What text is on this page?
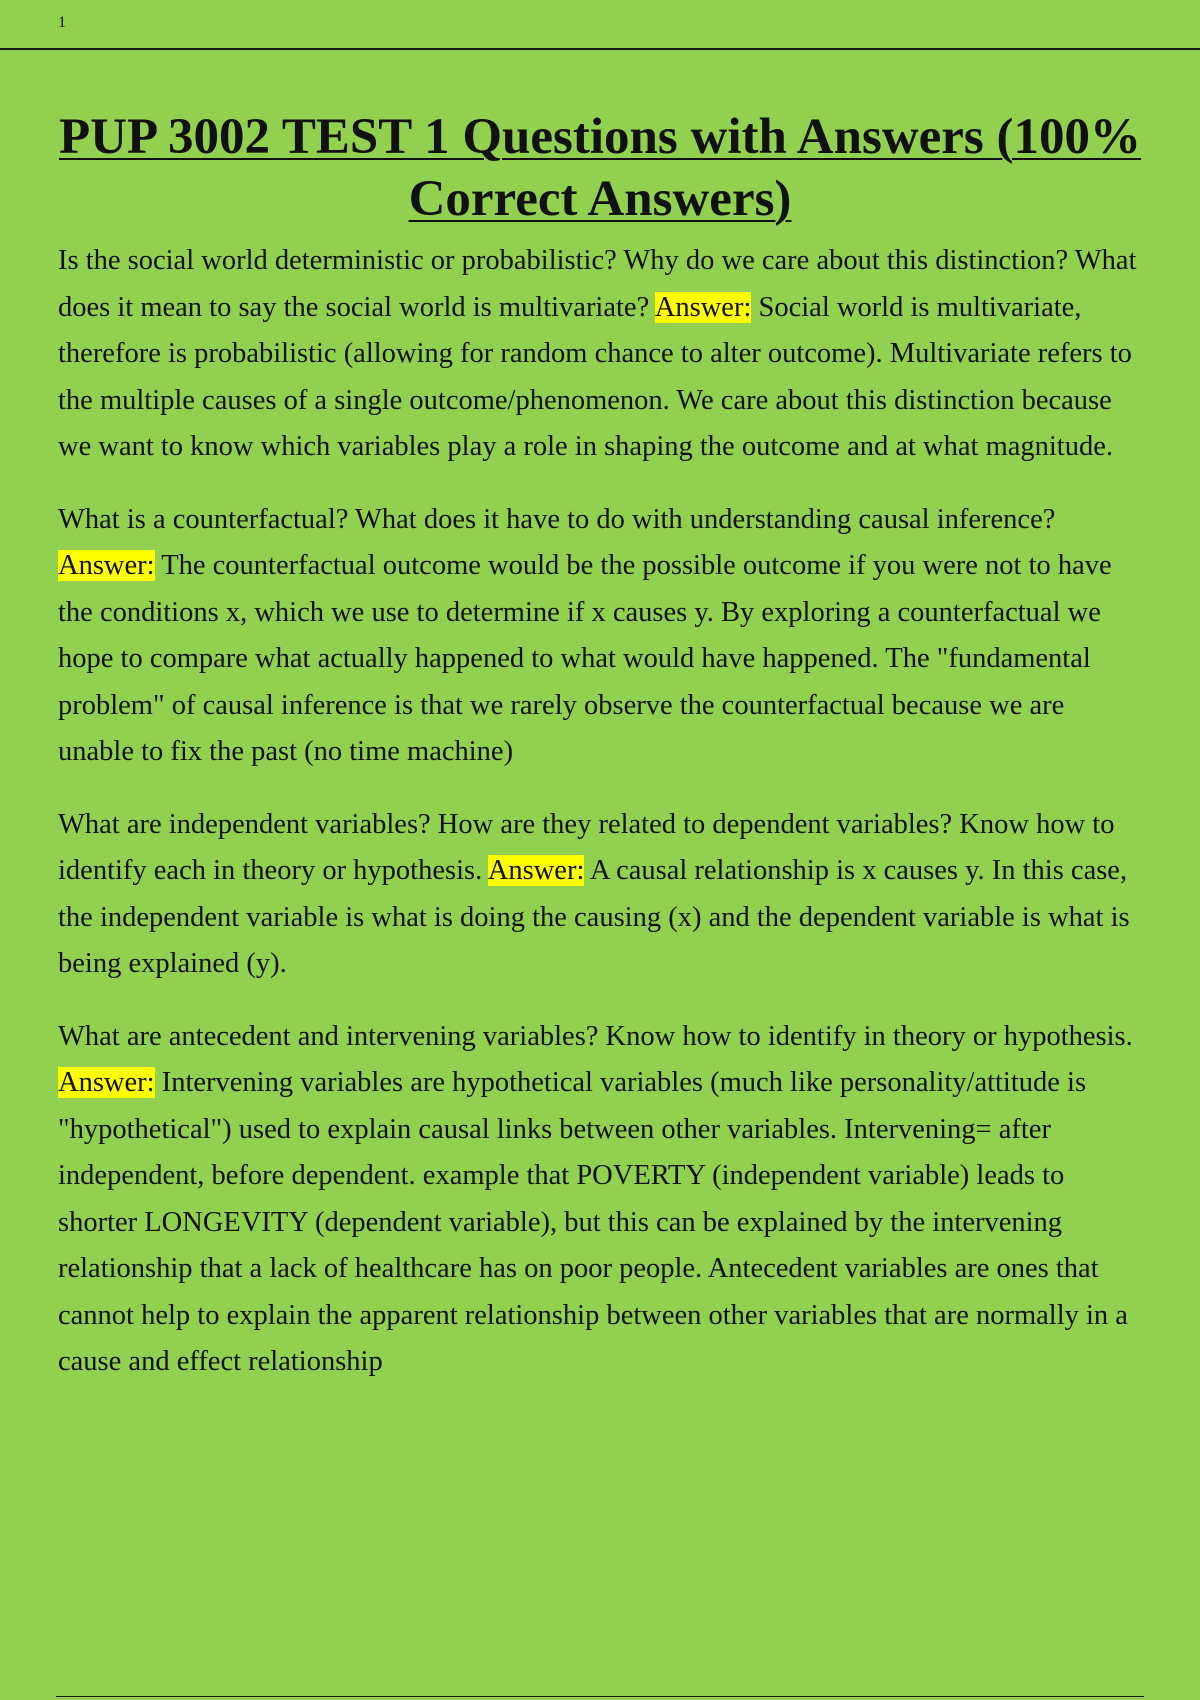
1
PUP 3002 TEST 1 Questions with Answers (100% Correct Answers)

Is the social world deterministic or probabilistic? Why do we care about this distinction? What does it mean to say the social world is multivariate? Answer: Social world is multivariate, therefore is probabilistic (allowing for random chance to alter outcome). Multivariate refers to the multiple causes of a single outcome/phenomenon. We care about this distinction because we want to know which variables play a role in shaping the outcome and at what magnitude.

What is a counterfactual? What does it have to do with understanding causal inference? Answer: The counterfactual outcome would be the possible outcome if you were not to have the conditions x, which we use to determine if x causes y. By exploring a counterfactual we hope to compare what actually happened to what would have happened. The "fundamental problem" of causal inference is that we rarely observe the counterfactual because we are unable to fix the past (no time machine)

What are independent variables? How are they related to dependent variables? Know how to identify each in theory or hypothesis. Answer: A causal relationship is x causes y. In this case, the independent variable is what is doing the causing (x) and the dependent variable is what is being explained (y).

What are antecedent and intervening variables? Know how to identify in theory or hypothesis. Answer: Intervening variables are hypothetical variables (much like personality/attitude is "hypothetical") used to explain causal links between other variables. Intervening= after independent, before dependent. example that POVERTY (independent variable) leads to shorter LONGEVITY (dependent variable), but this can be explained by the intervening relationship that a lack of healthcare has on poor people. Antecedent variables are ones that cannot help to explain the apparent relationship between other variables that are normally in a cause and effect relationship
